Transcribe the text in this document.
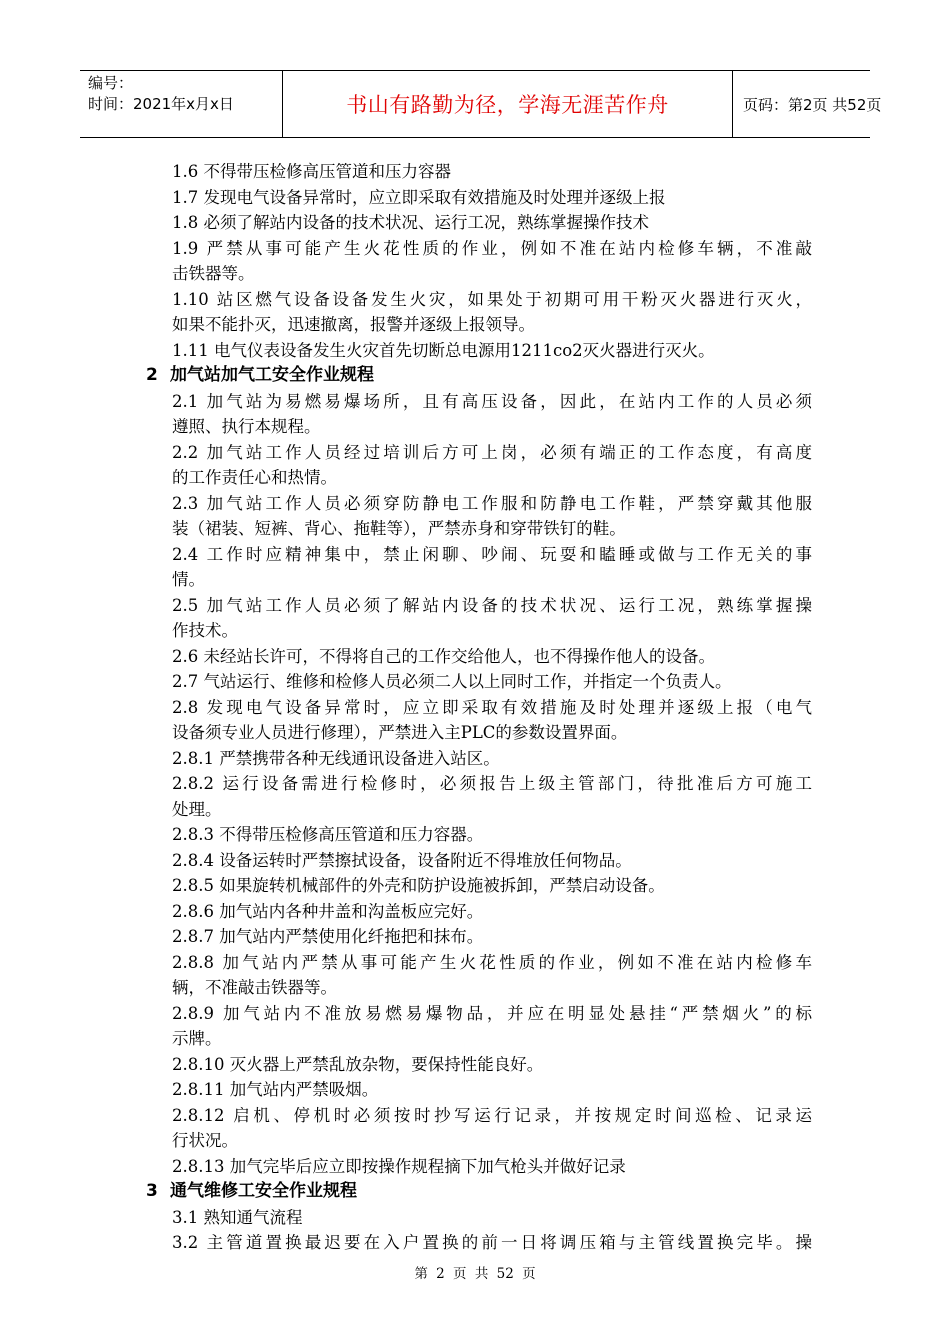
编号：
时间：2021年x月x日	书山有路勤为径，学海无涯苦作舟	页码：第2页 共52页
1.6 不得带压检修高压管道和压力容器
1.7 发现电气设备异常时，应立即采取有效措施及时处理并逐级上报
1.8 必须了解站内设备的技术状况、运行工况，熟练掌握操作技术
1.9 严禁从事可能产生火花性质的作业，例如不准在站内检修车辆，不准敲
击铁器等。
1.10 站区燃气设备设备发生火灾，如果处于初期可用干粉灭火器进行灭火，
如果不能扑灭，迅速撤离，报警并逐级上报领导。
1.11 电气仪表设备发生火灾首先切断总电源用1211co2灭火器进行灭火。
2 加气站加气工安全作业规程
2.1 加气站为易燃易爆场所，且有高压设备，因此，在站内工作的人员必须
遵照、执行本规程。
2.2 加气站工作人员经过培训后方可上岗，必须有端正的工作态度，有高度
的工作责任心和热情。
2.3 加气站工作人员必须穿防静电工作服和防静电工作鞋，严禁穿戴其他服
装（裙装、短裤、背心、拖鞋等），严禁赤身和穿带铁钉的鞋。
2.4 工作时应精神集中，禁止闲聊、吵闹、玩耍和瞌睡或做与工作无关的事
情。
2.5 加气站工作人员必须了解站内设备的技术状况、运行工况，熟练掌握操
作技术。
2.6 未经站长许可，不得将自己的工作交给他人，也不得操作他人的设备。
2.7 气站运行、维修和检修人员必须二人以上同时工作，并指定一个负责人。
2.8 发现电气设备异常时，应立即采取有效措施及时处理并逐级上报（电气
设备须专业人员进行修理），严禁进入主PLC的参数设置界面。
2.8.1 严禁携带各种无线通讯设备进入站区。
2.8.2 运行设备需进行检修时，必须报告上级主管部门，待批准后方可施工
处理。
2.8.3 不得带压检修高压管道和压力容器。
2.8.4 设备运转时严禁擦拭设备，设备附近不得堆放任何物品。
2.8.5 如果旋转机械部件的外壳和防护设施被拆卸，严禁启动设备。
2.8.6 加气站内各种井盖和沟盖板应完好。
2.8.7 加气站内严禁使用化纤拖把和抹布。
2.8.8 加气站内严禁从事可能产生火花性质的作业，例如不准在站内检修车
辆，不准敲击铁器等。
2.8.9 加气站内不准放易燃易爆物品，并应在明显处悬挂“严禁烟火”的标
示牌。
2.8.10 灭火器上严禁乱放杂物，要保持性能良好。
2.8.11 加气站内严禁吸烟。
2.8.12 启机、停机时必须按时抄写运行记录，并按规定时间巡检、记录运
行状况。
2.8.13 加气完毕后应立即按操作规程摘下加气枪头并做好记录
3 通气维修工安全作业规程
3.1 熟知通气流程
3.2 主管道置换最迟要在入户置换的前一日将调压箱与主管线置换完毕。操
第 2 页 共 52 页
